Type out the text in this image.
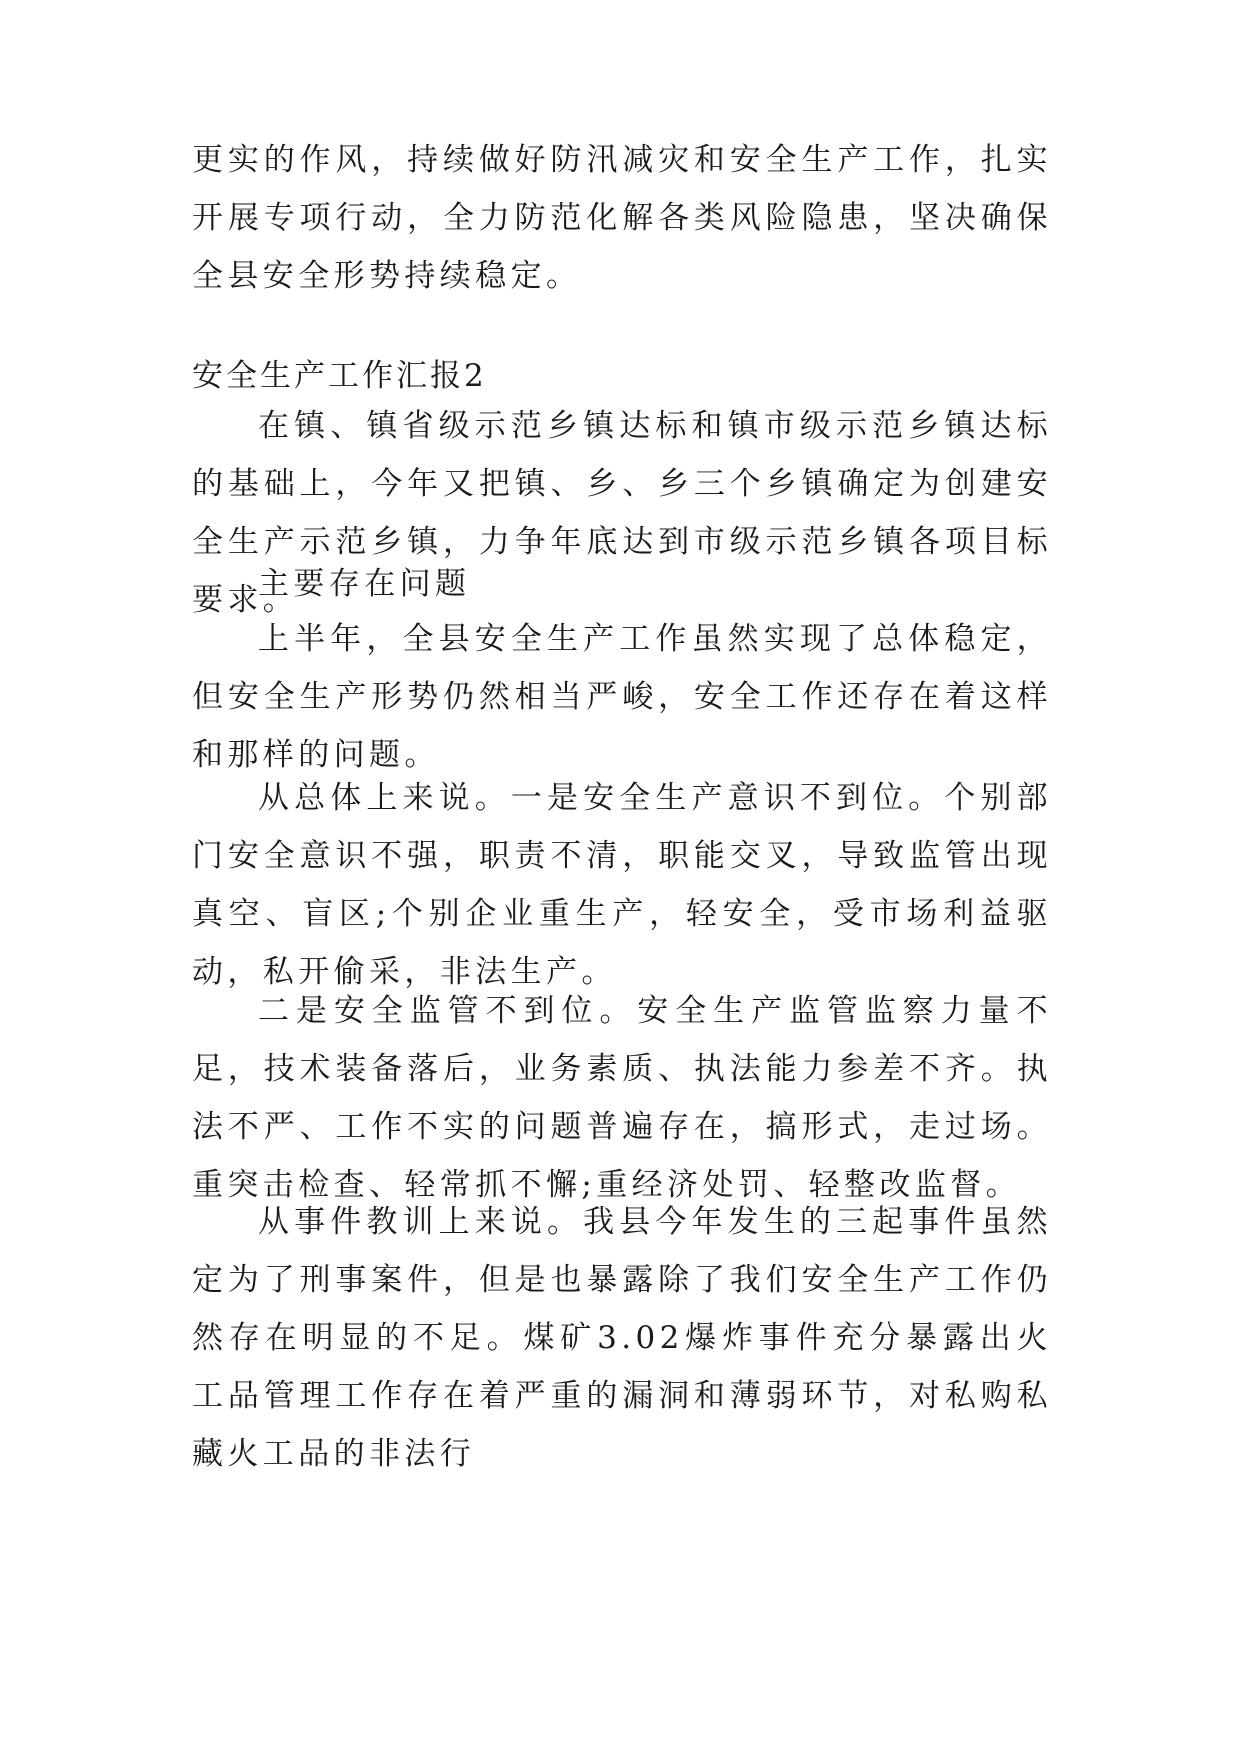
更实的作风，持续做好防汛减灾和安全生产工作，扎实开展专项行动，全力防范化解各类风险隐患，坚决确保全县安全形势持续稳定。

安全生产工作汇报2

在镇、镇省级示范乡镇达标和镇市级示范乡镇达标的基础上，今年又把镇、乡、乡三个乡镇确定为创建安全生产示范乡镇，力争年底达到市级示范乡镇各项目标要求。

主要存在问题

上半年，全县安全生产工作虽然实现了总体稳定，但安全生产形势仍然相当严峻，安全工作还存在着这样和那样的问题。

从总体上来说。一是安全生产意识不到位。个别部门安全意识不强，职责不清，职能交叉，导致监管出现真空、盲区;个别企业重生产，轻安全，受市场利益驱动，私开偷采，非法生产。

二是安全监管不到位。安全生产监管监察力量不足，技术装备落后，业务素质、执法能力参差不齐。执法不严、工作不实的问题普遍存在，搞形式，走过场。重突击检查、轻常抓不懈;重经济处罚、轻整改监督。

从事件教训上来说。我县今年发生的三起事件虽然定为了刑事案件，但是也暴露除了我们安全生产工作仍然存在明显的不足。煤矿3.02爆炸事件充分暴露出火工品管理工作存在着严重的漏洞和薄弱环节，对私购私藏火工品的非法行
